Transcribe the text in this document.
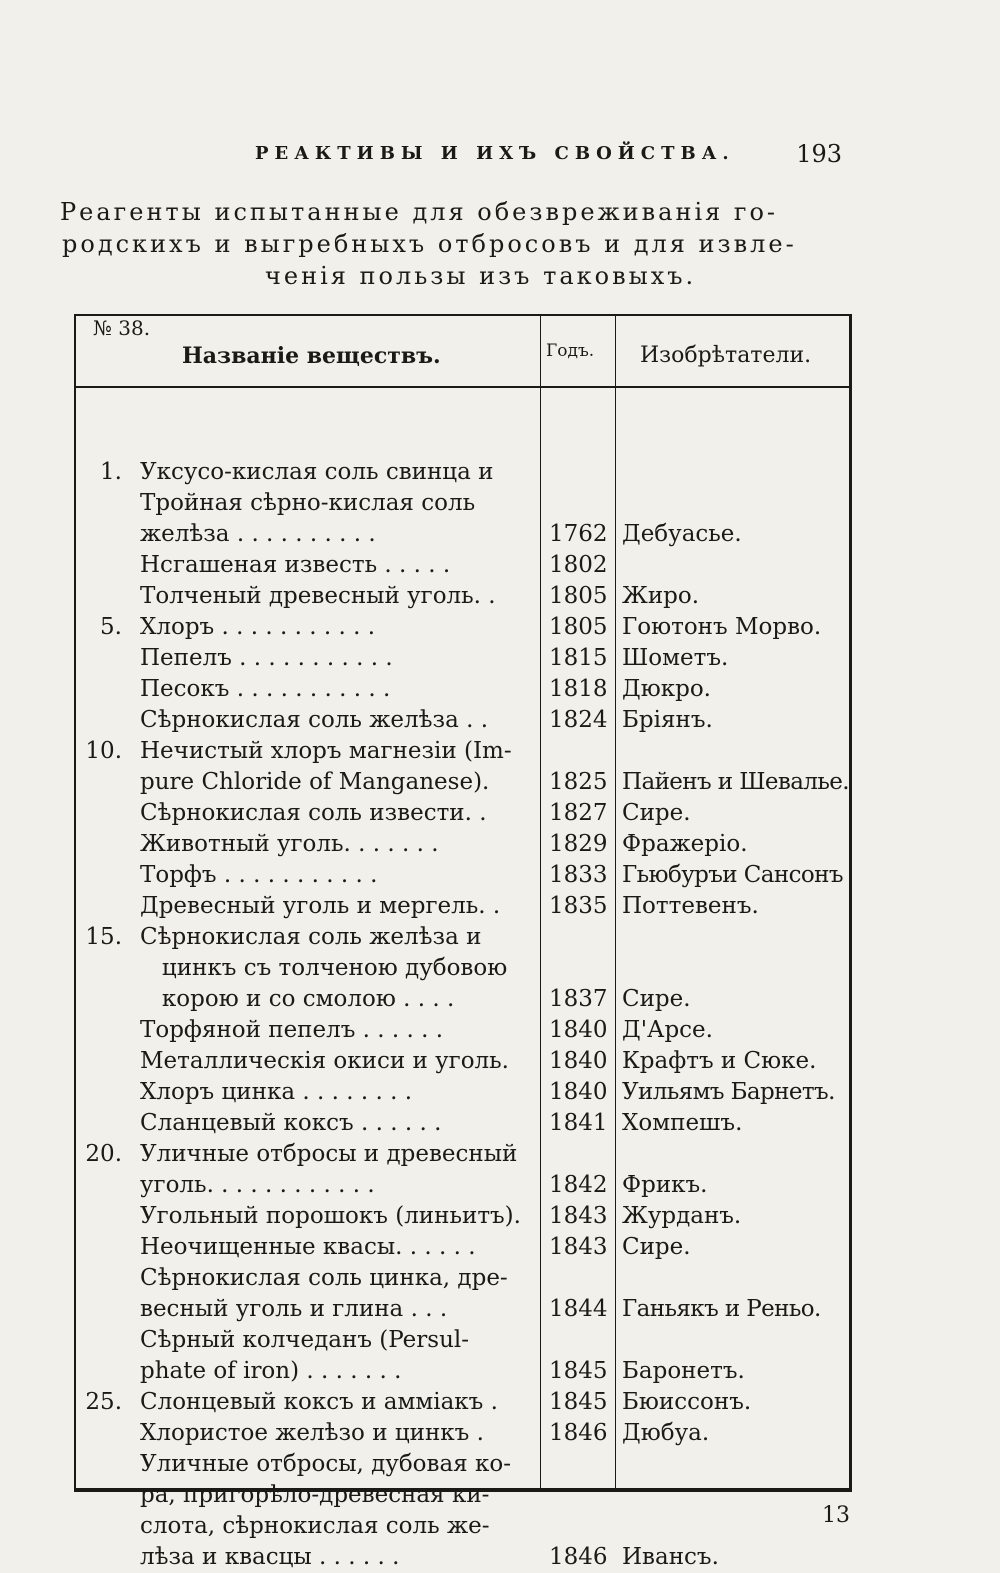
РЕАКТИВЫ И ИХЪ СВОЙСТВА.	193
Реагенты испытанные для обезвреживанія го-
родскихъ и выгребныхъ отбросовъ и для извле-
ченія пользы изъ таковыхъ.
№ 38.
Названіе веществъ.	Годъ. Изобрѣтатели.
1. Уксусо-кислая соль свинца и
Тройная сѣрно-кислая соль
желѣза . . . . . . . . . .	1762 Дебуасье.
Нсгашеная известь . . . . .	1802
Толченый древесный уголь. . 1805 Жиро.
5. Хлоръ . . . . . . . . . . .	1805 Гоютонъ Морво.
Пепелъ . . . . . . . . . . .	1815 Шометъ.
Песокъ . . . . . . . . . . .	1818 Дюкро.
Сѣрнокислая соль желѣза . .	1824 Бріянъ.
10. Нечистый хлоръ магнезіи (Im-
pure Chloride of Manganese).	1825 Пайенъ и Шевалье.
Сѣрнокислая соль извести. .	1827 Сире.
Животный уголь. . . . . . .	1829 Фражеріо.
Торфъ . . . . . . . . . . .	1833 Гьюбуръи Сансонъ
Древесный уголь и мергель. . 1835 Поттевенъ.
15. Сѣрнокислая соль желѣза и
цинкъ съ толченою дубовою
корою и со смолою . . . .	1837 Сире.
Торфяной пепелъ . . . . . .	1840 Д'Арсе.
Металлическія окиси и уголь. 1840 Крафтъ и Сюке.
Хлоръ цинка . . . . . . . .	1840 Уильямъ Барнетъ.
Сланцевый коксъ . . . . . .	1841 Хомпешъ.
20. Уличные отбросы и древесный
уголь. . . . . . . . . . . .	1842 Фрикъ.
Угольный порошокъ (линьитъ). 1843 Журданъ.
Неочищенные квасы. . . . . .	1843 Сире.
Сѣрнокислая соль цинка, дре-
весный уголь и глина . . .	1844 Ганьякъ и Реньо.
Сѣрный колчеданъ (Persul-
phate of iron) . . . . . . .	1845 Баронетъ.
25. Слонцевый коксъ и амміакъ . 1845 Бюиссонъ.
Хлористое желѣзо и цинкъ .	1846 Дюбуа.
Уличные отбросы, дубовая ко-
ра, пригорѣло-древесная ки-
слота, сѣрнокислая соль же-
лѣза и квасцы . . . . . .	1846 Ивансъ.
13
